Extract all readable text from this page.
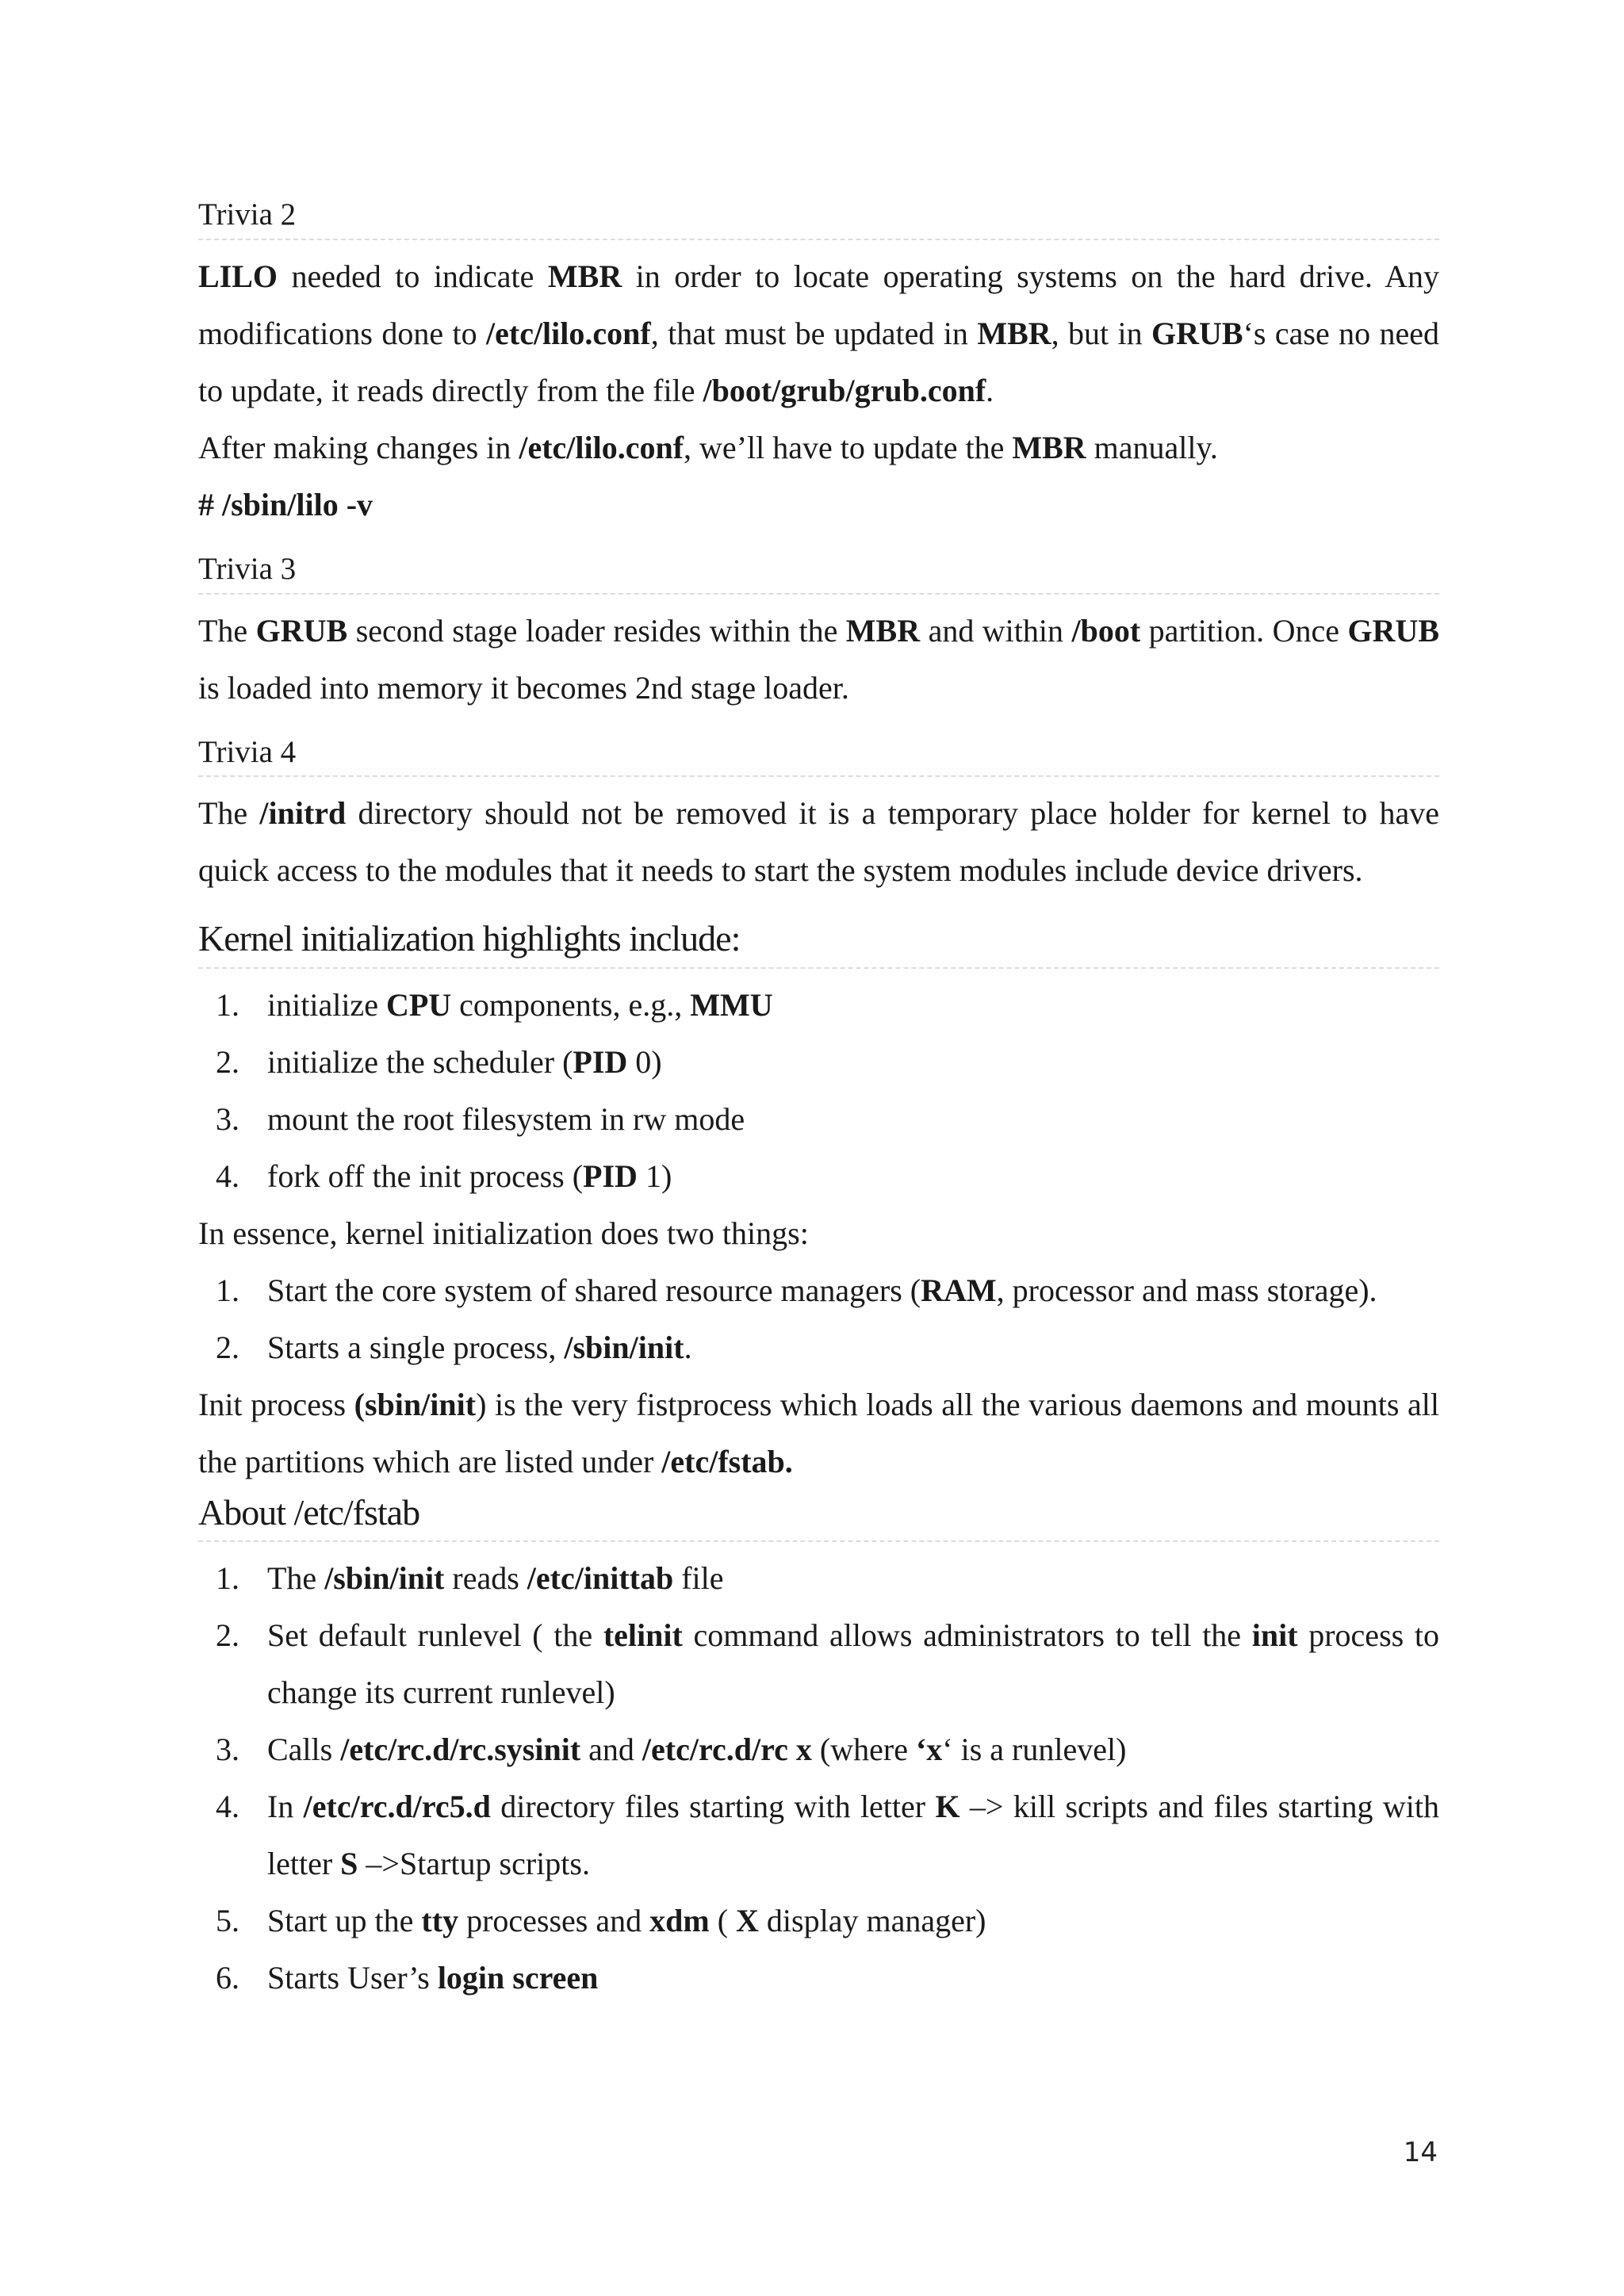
Trivia 2

LILO needed to indicate MBR in order to locate operating systems on the hard drive. Any modifications done to /etc/lilo.conf, that must be updated in MBR, but in GRUB‘s case no need to update, it reads directly from the file /boot/grub/grub.conf.

After making changes in /etc/lilo.conf, we’ll have to update the MBR manually.

# /sbin/lilo -v

Trivia 3

The GRUB second stage loader resides within the MBR and within /boot partition. Once GRUB is loaded into memory it becomes 2nd stage loader.

Trivia 4

The /initrd directory should not be removed it is a temporary place holder for kernel to have quick access to the modules that it needs to start the system modules include device drivers.

Kernel initialization highlights include:
1. initialize CPU components, e.g., MMU
2. initialize the scheduler (PID 0)
3. mount the root filesystem in rw mode
4. fork off the init process (PID 1)

In essence, kernel initialization does two things:

1. Start the core system of shared resource managers (RAM, processor and mass storage).
2. Starts a single process, /sbin/init.

Init process (sbin/init) is the very fistprocess which loads all the various daemons and mounts all the partitions which are listed under /etc/fstab.

About /etc/fstab
1. The /sbin/init reads /etc/inittab file
2. Set default runlevel ( the telinit command allows administrators to tell the init process to change its current runlevel)
3. Calls /etc/rc.d/rc.sysinit and /etc/rc.d/rc x (where ‘x‘ is a runlevel)
4. In /etc/rc.d/rc5.d directory files starting with letter K –> kill scripts and files starting with letter S –>Startup scripts.
5. Start up the tty processes and xdm ( X display manager)
6. Starts User’s login screen
14
